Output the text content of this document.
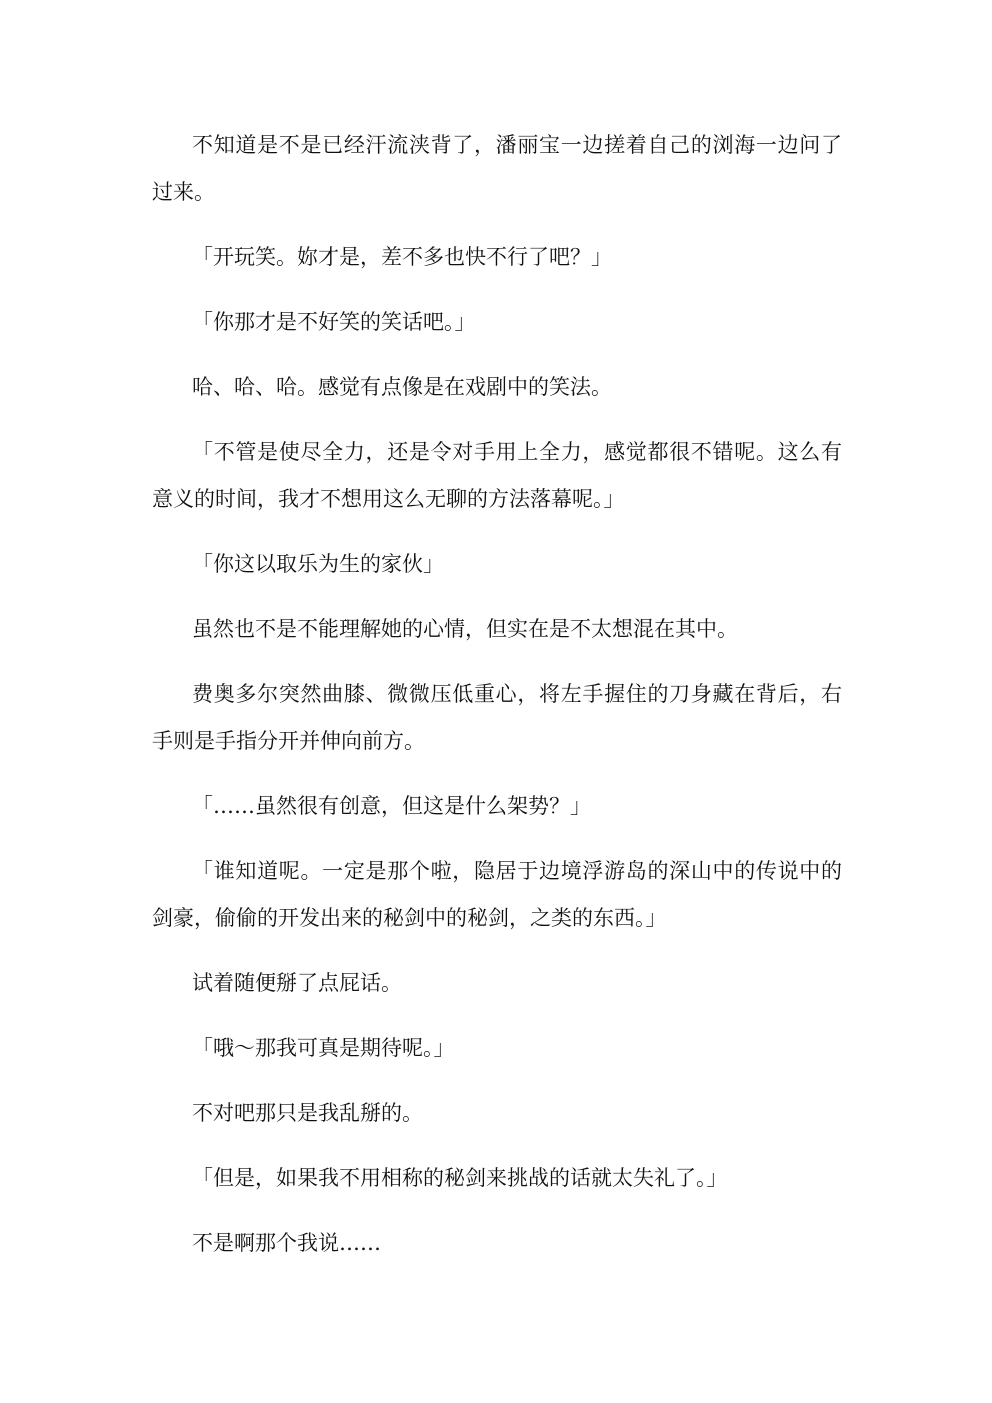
不知道是不是已经汗流浃背了，潘丽宝一边搓着自己的浏海一边问了过来。

「开玩笑。妳才是，差不多也快不行了吧？」

「你那才是不好笑的笑话吧。」

哈、哈、哈。感觉有点像是在戏剧中的笑法。

「不管是使尽全力，还是令对手用上全力，感觉都很不错呢。这么有意义的时间，我才不想用这么无聊的方法落幕呢。」

「你这以取乐为生的家伙」

虽然也不是不能理解她的心情，但实在是不太想混在其中。

费奥多尔突然曲膝、微微压低重心，将左手握住的刀身藏在背后，右手则是手指分开并伸向前方。

「……虽然很有创意，但这是什么架势？」

「谁知道呢。一定是那个啦，隐居于边境浮游岛的深山中的传说中的剑豪，偷偷的开发出来的秘剑中的秘剑，之类的东西。」

试着随便掰了点屁话。

「哦～那我可真是期待呢。」

不对吧那只是我乱掰的。

「但是，如果我不用相称的秘剑来挑战的话就太失礼了。」

不是啊那个我说……
